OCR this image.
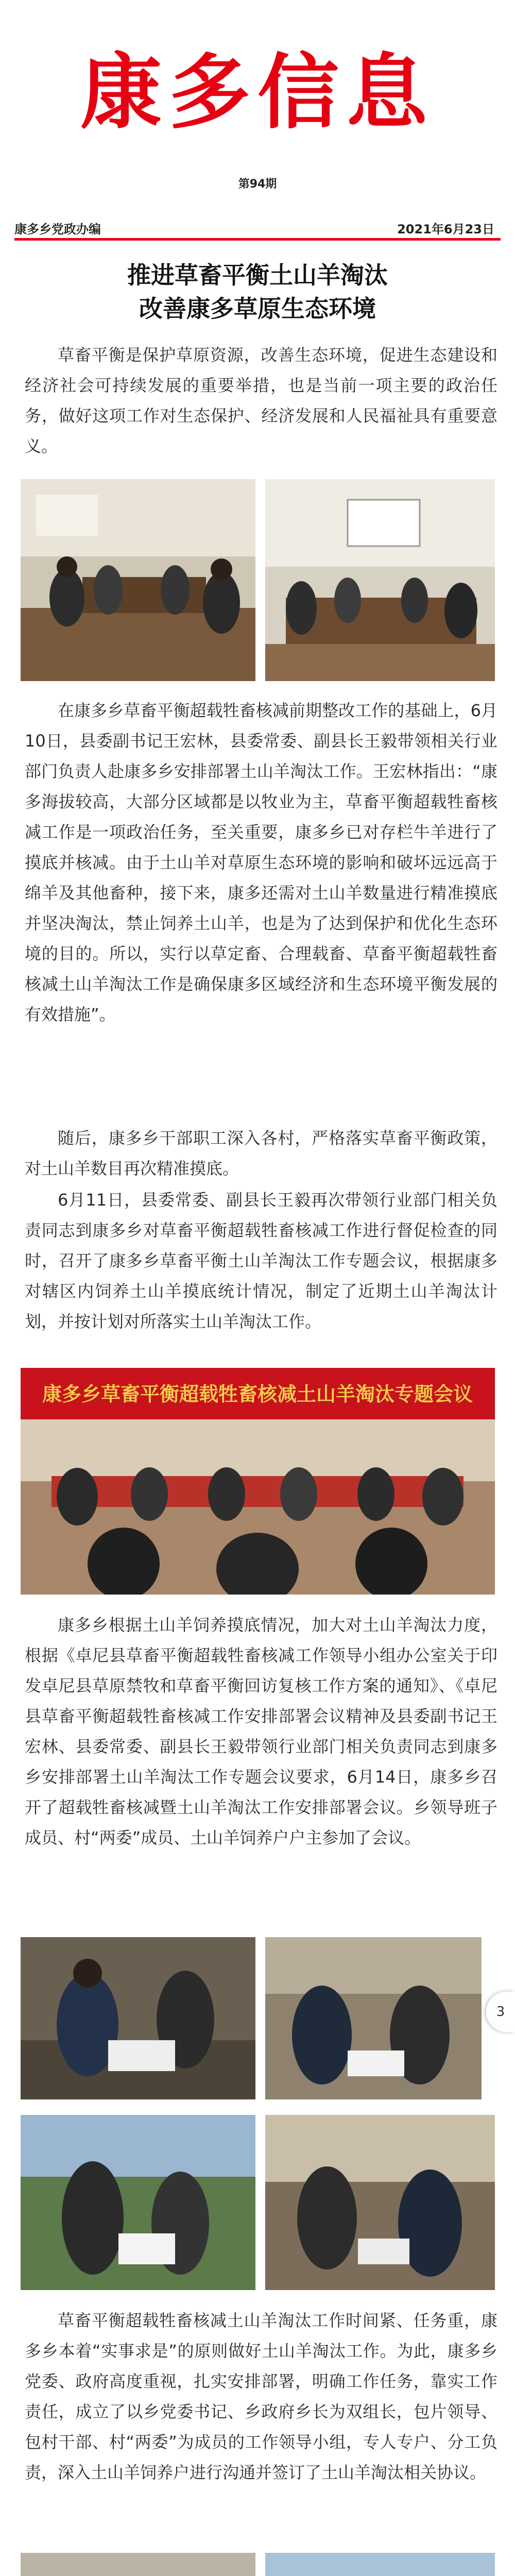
康多信息
第94期
康多乡党政办编	2021年6月23日
推进草畜平衡土山羊淘汰
改善康多草原生态环境

草畜平衡是保护草原资源，改善生态环境，促进生态建设和经济社会可持续发展的重要举措，也是当前一项主要的政治任务，做好这项工作对生态保护、经济发展和人民福祉具有重要意义。

在康多乡草畜平衡超载牲畜核减前期整改工作的基础上，6月10日，县委副书记王宏林，县委常委、副县长王毅带领相关行业部门负责人赴康多乡安排部署土山羊淘汰工作。王宏林指出：“康多海拔较高，大部分区域都是以牧业为主，草畜平衡超载牲畜核减工作是一项政治任务，至关重要，康多乡已对存栏牛羊进行了摸底并核减。由于土山羊对草原生态环境的影响和破坏远远高于绵羊及其他畜种，接下来，康多还需对土山羊数量进行精准摸底并坚决淘汰，禁止饲养土山羊，也是为了达到保护和优化生态环境的目的。所以，实行以草定畜、合理载畜、草畜平衡超载牲畜核减土山羊淘汰工作是确保康多区域经济和生态环境平衡发展的有效措施”。

随后，康多乡干部职工深入各村，严格落实草畜平衡政策，对土山羊数目再次精准摸底。

6月11日，县委常委、副县长王毅再次带领行业部门相关负责同志到康多乡对草畜平衡超载牲畜核减工作进行督促检查的同时，召开了康多乡草畜平衡土山羊淘汰工作专题会议，根据康多对辖区内饲养土山羊摸底统计情况，制定了近期土山羊淘汰计划，并按计划对所落实土山羊淘汰工作。

康多乡草畜平衡超载牲畜核减土山羊淘汰专题会议

康多乡根据土山羊饲养摸底情况，加大对土山羊淘汰力度，根据《卓尼县草畜平衡超载牲畜核减工作领导小组办公室关于印发卓尼县草原禁牧和草畜平衡回访复核工作方案的通知》、《卓尼县草畜平衡超载牲畜核减工作安排部署会议精神及县委副书记王宏林、县委常委、副县长王毅带领行业部门相关负责同志到康多乡安排部署土山羊淘汰工作专题会议要求，6月14日，康多乡召开了超载牲畜核减暨土山羊淘汰工作安排部署会议。乡领导班子成员、村“两委”成员、土山羊饲养户户主参加了会议。

草畜平衡超载牲畜核减土山羊淘汰工作时间紧、任务重，康多乡本着“实事求是”的原则做好土山羊淘汰工作。为此，康多乡党委、政府高度重视，扎实安排部署，明确工作任务，靠实工作责任，成立了以乡党委书记、乡政府乡长为双组长，包片领导、包村干部、村“两委”为成员的工作领导小组，专人专户、分工负责，深入土山羊饲养户进行沟通并签订了土山羊淘汰相关协议。

3
